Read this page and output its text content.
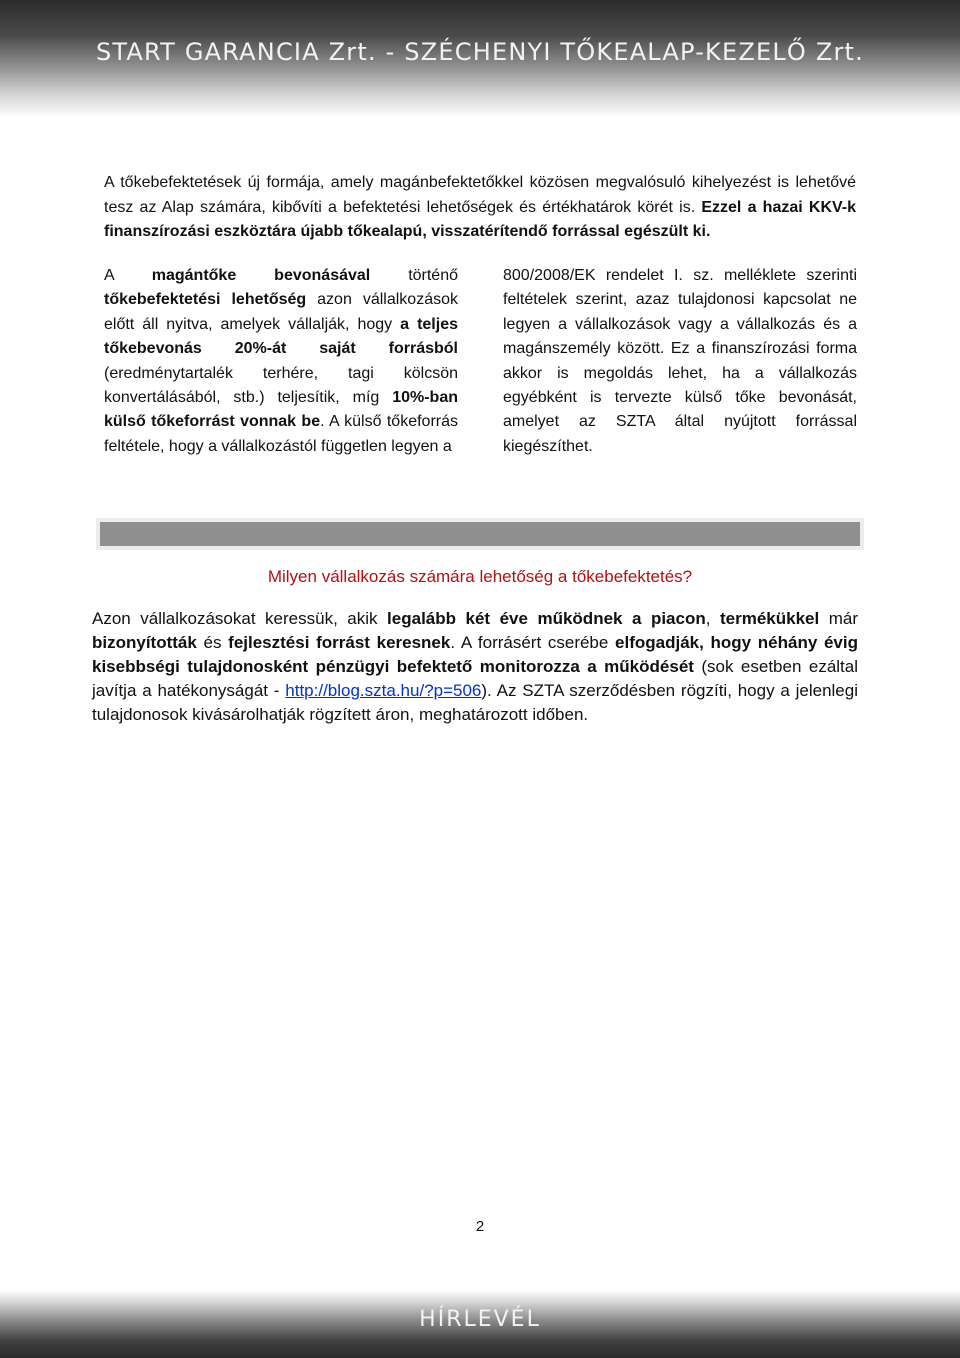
START GARANCIA Zrt. - SZÉCHENYI TŐKEALAP-KEZELŐ Zrt.
A tőkebefektetések új formája, amely magánbefektetőkkel közösen megvalósuló kihelyezést is lehetővé tesz az Alap számára, kibővíti a befektetési lehetőségek és értékhatárok körét is. Ezzel a hazai KKV-k finanszírozási eszköztára újabb tőkealapú, visszatérítendő forrással egészült ki.
A magántőke bevonásával történő tőkebefektetési lehetőség azon vállalkozások előtt áll nyitva, amelyek vállalják, hogy a teljes tőkebevonás 20%-át saját forrásból (eredménytartalék terhére, tagi kölcsön konvertálásából, stb.) teljesítik, míg 10%-ban külső tőkeforrást vonnak be. A külső tőkeforrás feltétele, hogy a vállalkozástól független legyen a
800/2008/EK rendelet I. sz. melléklete szerinti feltételek szerint, azaz tulajdonosi kapcsolat ne legyen a vállalkozások vagy a vállalkozás és a magánszemély között. Ez a finanszírozási forma akkor is megoldás lehet, ha a vállalkozás egyébként is tervezte külső tőke bevonását, amelyet az SZTA által nyújtott forrással kiegészíthet.
Milyen vállalkozás számára lehetőség a tőkebefektetés?
Azon vállalkozásokat keressük, akik legalább két éve működnek a piacon, termékükkel már bizonyították és fejlesztési forrást keresnek. A forrásért cserébe elfogadják, hogy néhány évig kisebbségi tulajdonosként pénzügyi befektető monitorozza a működését (sok esetben ezáltal javítja a hatékonyságát - http://blog.szta.hu/?p=506). Az SZTA szerződésben rögzíti, hogy a jelenlegi tulajdonosok kivásárolhatják rögzített áron, meghatározott időben.
2
HÍRLEVÉL
